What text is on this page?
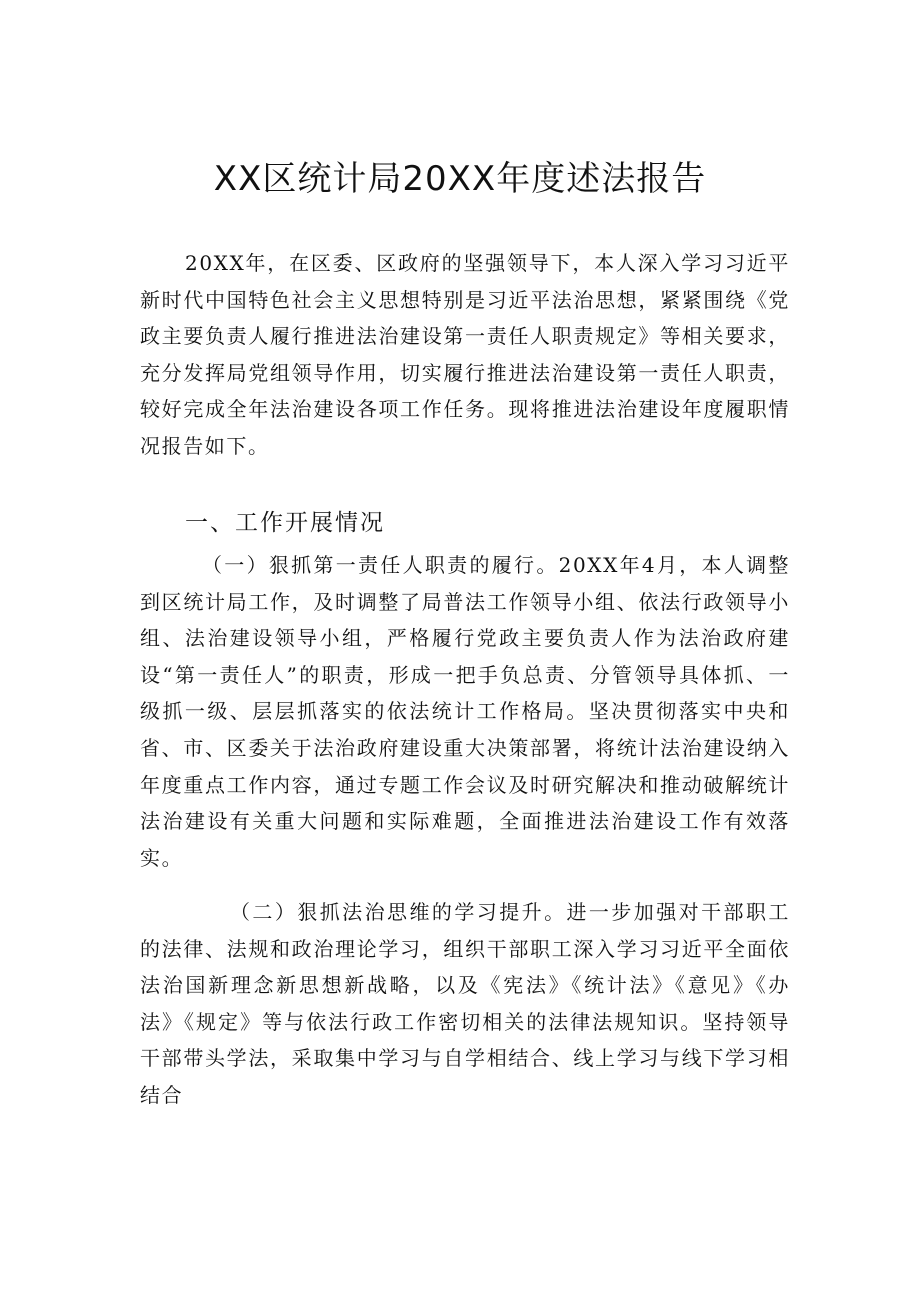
XX区统计局20XX年度述法报告

20XX年，在区委、区政府的坚强领导下，本人深入学习习近平新时代中国特色社会主义思想特别是习近平法治思想，紧紧围绕《党政主要负责人履行推进法治建设第一责任人职责规定》等相关要求，充分发挥局党组领导作用，切实履行推进法治建设第一责任人职责，较好完成全年法治建设各项工作任务。现将推进法治建设年度履职情况报告如下。

一、工作开展情况

（一）狠抓第一责任人职责的履行。20XX年4月，本人调整到区统计局工作，及时调整了局普法工作领导小组、依法行政领导小组、法治建设领导小组，严格履行党政主要负责人作为法治政府建设“第一责任人”的职责，形成一把手负总责、分管领导具体抓、一级抓一级、层层抓落实的依法统计工作格局。坚决贯彻落实中央和省、市、区委关于法治政府建设重大决策部署，将统计法治建设纳入年度重点工作内容，通过专题工作会议及时研究解决和推动破解统计法治建设有关重大问题和实际难题，全面推进法治建设工作有效落实。

（二）狠抓法治思维的学习提升。进一步加强对干部职工的法律、法规和政治理论学习，组织干部职工深入学习习近平全面依法治国新理念新思想新战略，以及《宪法》《统计法》《意见》《办法》《规定》等与依法行政工作密切相关的法律法规知识。坚持领导干部带头学法，采取集中学习与自学相结合、线上学习与线下学习相结合
